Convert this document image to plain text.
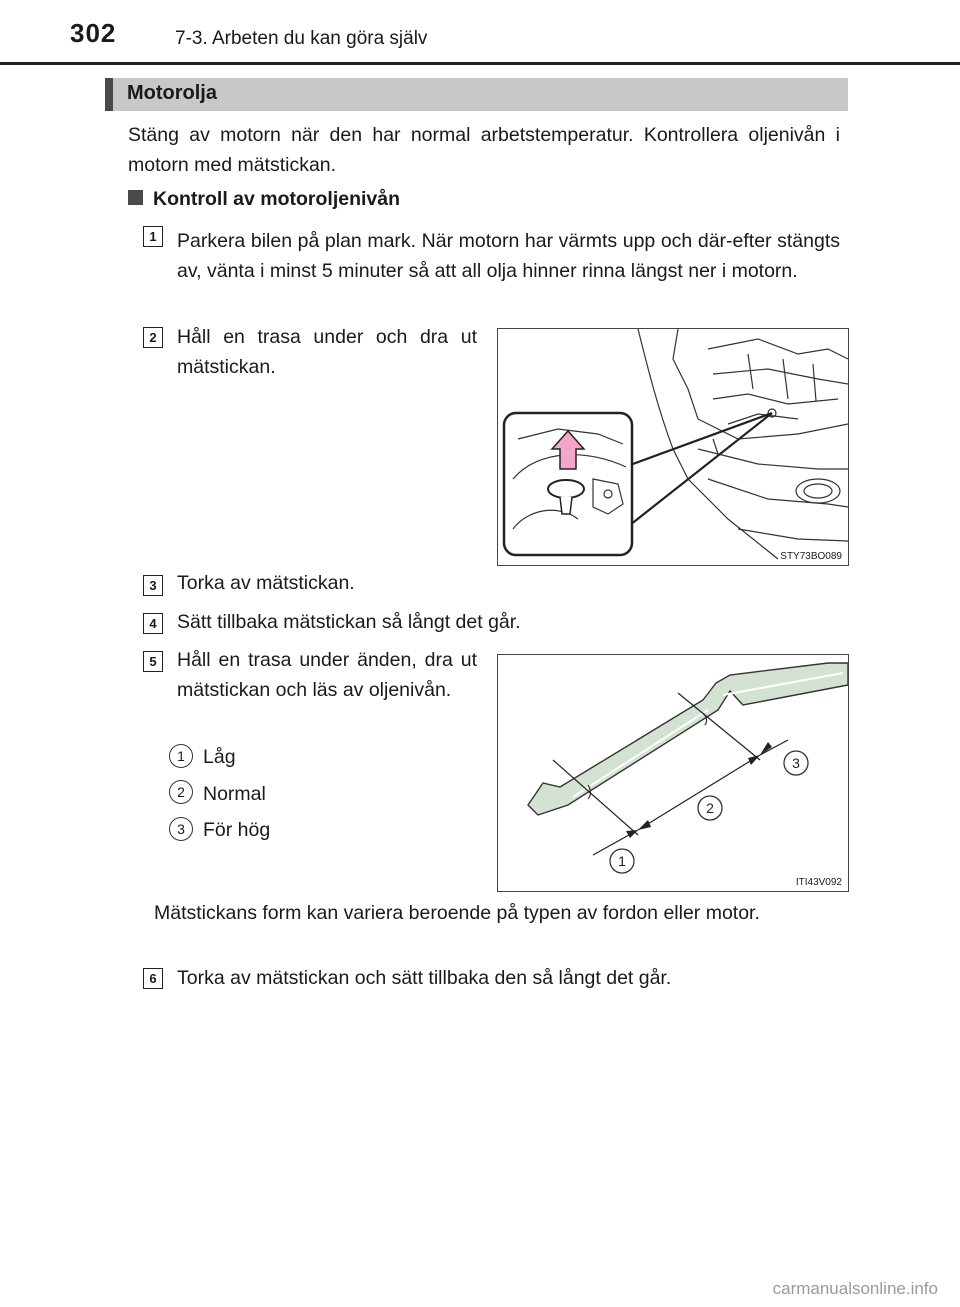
302	7-3. Arbeten du kan göra själv
Motorolja
Stäng av motorn när den har normal arbetstemperatur. Kontrollera oljenivån i motorn med mätstickan.
Kontroll av motoroljenivån
1	Parkera bilen på plan mark. När motorn har värmts upp och där-efter stängts av, vänta i minst 5 minuter så att all olja hinner rinna längst ner i motorn.
2	Håll en trasa under och dra ut mätstickan.
STY73BO089
3	Torka av mätstickan.
4	Sätt tillbaka mätstickan så långt det går.
5	Håll en trasa under änden, dra ut mätstickan och läs av oljenivån.
1 Låg
2 Normal
3 För hög
1
2
3
ITI43V092
Mätstickans form kan variera beroende på typen av fordon eller motor.
6	Torka av mätstickan och sätt tillbaka den så långt det går.
carmanualsonline.info
